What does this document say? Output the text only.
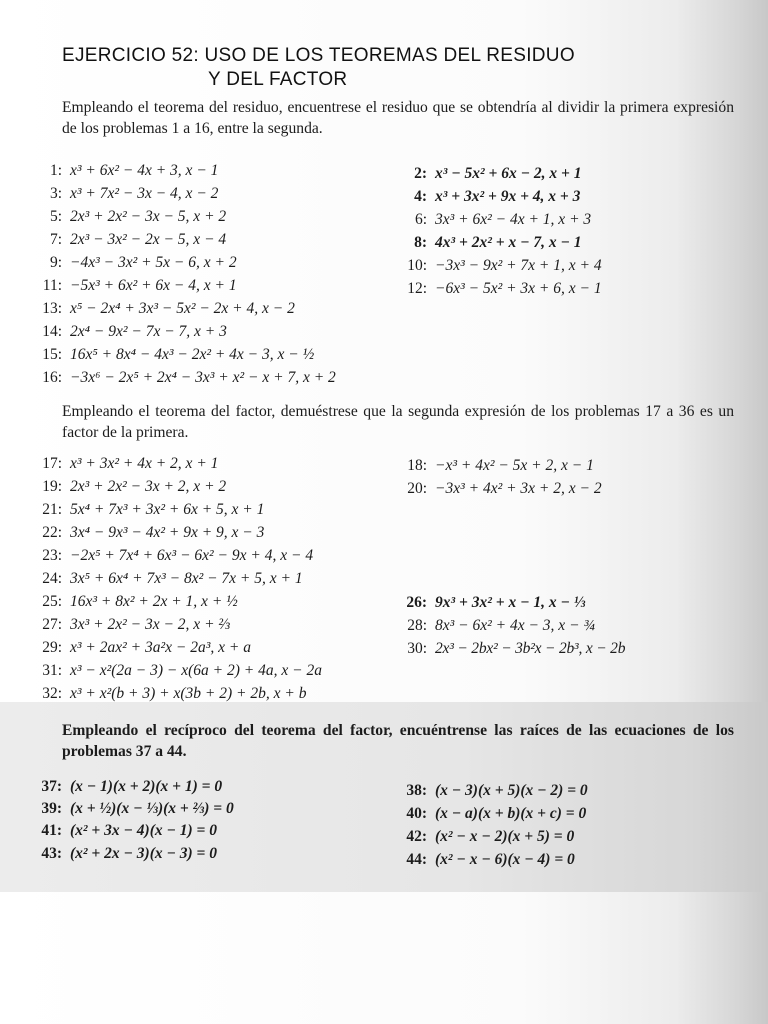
EJERCICIO 52: USO DE LOS TEOREMAS DEL RESIDUO
Y DEL FACTOR

Empleando el teorema del residuo, encuentrese el residuo que se obtendría al dividir la primera expresión de los problemas 1 a 16, entre la segunda.

1: x³ + 6x² − 4x + 3, x − 1	2: x³ − 5x² + 6x − 2, x + 1
3: x³ + 7x² − 3x − 4, x − 2	4: x³ + 3x² + 9x + 4, x + 3
5: 2x³ + 2x² − 3x − 5, x + 2	6: 3x³ + 6x² − 4x + 1, x + 3
7: 2x³ − 3x² − 2x − 5, x − 4	8: 4x³ + 2x² + x − 7, x − 1
9: −4x³ − 3x² + 5x − 6, x + 2	10: −3x³ − 9x² + 7x + 1, x + 4
11: −5x³ + 6x² + 6x − 4, x + 1	12: −6x³ − 5x² + 3x + 6, x − 1
13: x⁵ − 2x⁴ + 3x³ − 5x² − 2x + 4, x − 2
14: 2x⁴ − 9x² − 7x − 7, x + 3
15: 16x⁵ + 8x⁴ − 4x³ − 2x² + 4x − 3, x − ½
16: −3x⁶ − 2x⁵ + 2x⁴ − 3x³ + x² − x + 7, x + 2

Empleando el teorema del factor, demuéstrese que la segunda expresión de los problemas 17 a 36 es un factor de la primera.

17: x³ + 3x² + 4x + 2, x + 1	18: −x³ + 4x² − 5x + 2, x − 1
19: 2x³ + 2x² − 3x + 2, x + 2	20: −3x³ + 4x² + 3x + 2, x − 2
21: 5x⁴ + 7x³ + 3x² + 6x + 5, x + 1
22: 3x⁴ − 9x³ − 4x² + 9x + 9, x − 3
23: −2x⁵ + 7x⁴ + 6x³ − 6x² − 9x + 4, x − 4
24: 3x⁵ + 6x⁴ + 7x³ − 8x² − 7x + 5, x + 1
25: 16x³ + 8x² + 2x + 1, x + ½	26: 9x³ + 3x² + x − 1, x − ⅓
27: 3x³ + 2x² − 3x − 2, x + ⅔	28: 8x³ − 6x² + 4x − 3, x − ¾
29: x³ + 2ax² + 3a²x − 2a³, x + a	30: 2x³ − 2bx² − 3b²x − 2b³, x − 2b
31: x³ − x²(2a − 3) − x(6a + 2) + 4a, x − 2a
32: x³ + x²(b + 3) + x(3b + 2) + 2b, x + b

Empleando el recíproco del teorema del factor, encuéntrense las raíces de las ecuaciones de los problemas 37 a 44.

37: (x − 1)(x + 2)(x + 1) = 0	38: (x − 3)(x + 5)(x − 2) = 0
39: (x + ½)(x − ⅓)(x + ⅔) = 0	40: (x − a)(x + b)(x + c) = 0
41: (x² + 3x − 4)(x − 1) = 0	42: (x² − x − 2)(x + 5) = 0
43: (x² + 2x − 3)(x − 3) = 0	44: (x² − x − 6)(x − 4) = 0
